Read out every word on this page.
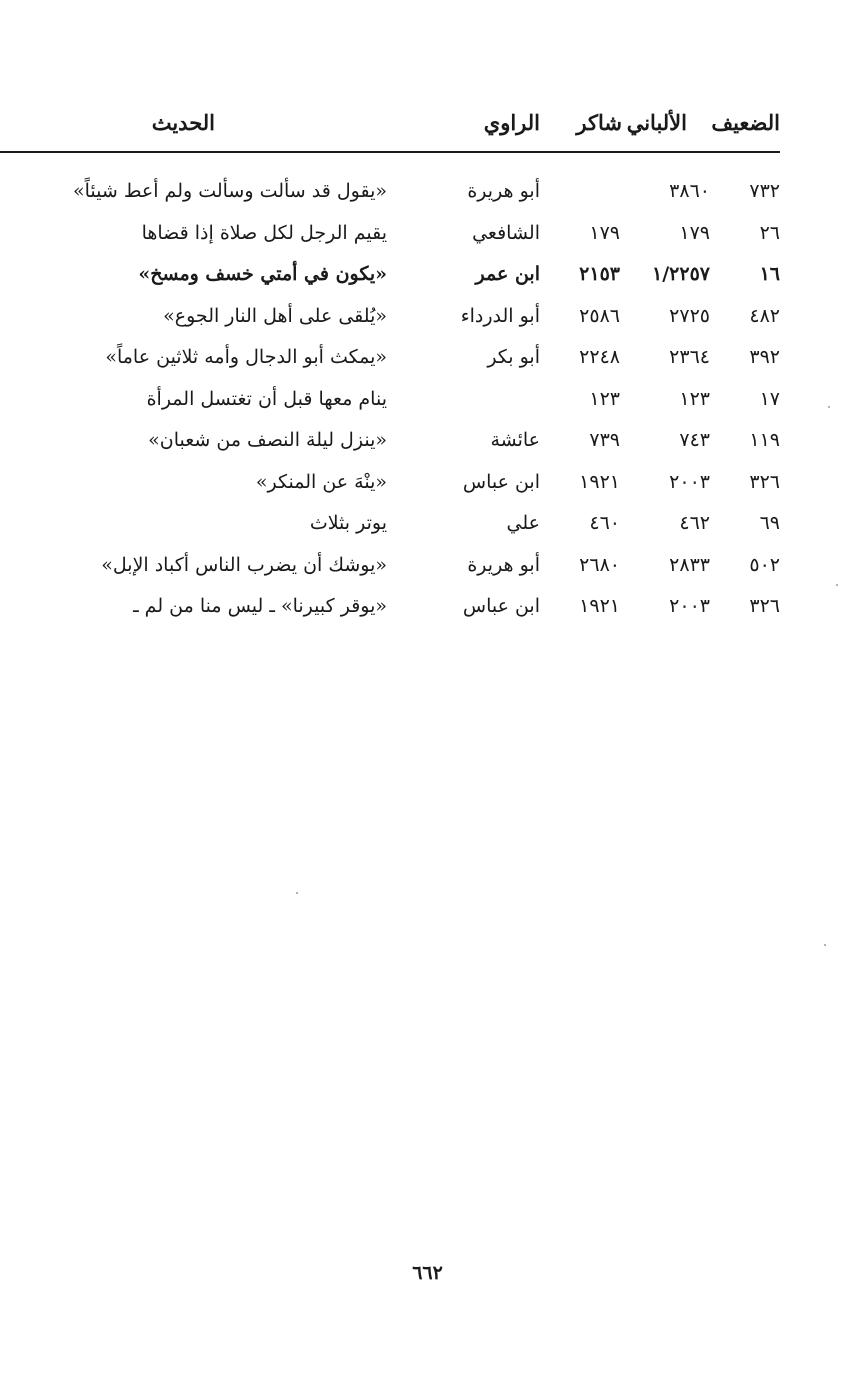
الضعيف
الألباني
شاكر
الراوي
الحديث
٧٣٢
٣٨٦٠
أبو هريرة
«يقول قد سألت وسألت ولم أعط شيئاً»
٢٦
١٧٩
١٧٩
الشافعي
يقيم الرجل لكل صلاة إذا قضاها
١٦
١/٢٢٥٧
٢١٥٣
ابن عمر
«يكون في أمتي خسف ومسخ»
٤٨٢
٢٧٢٥
٢٥٨٦
أبو الدرداء
«يُلقى على أهل النار الجوع»
٣٩٢
٢٣٦٤
٢٢٤٨
أبو بكر
«يمكث أبو الدجال وأمه ثلاثين عاماً»
١٧
١٢٣
١٢٣
ينام معها قبل أن تغتسل المرأة
١١٩
٧٤٣
٧٣٩
عائشة
«ينزل ليلة النصف من شعبان»
٣٢٦
٢٠٠٣
١٩٢١
ابن عباس
«ينْهَ عن المنكر»
٦٩
٤٦٢
٤٦٠
علي
يوتر بثلاث
٥٠٢
٢٨٣٣
٢٦٨٠
أبو هريرة
«يوشك أن يضرب الناس أكباد الإبل»
٣٢٦
٢٠٠٣
١٩٢١
ابن عباس
«يوقر كبيرنا» ـ ليس منا من لم ـ
٦٦٢
